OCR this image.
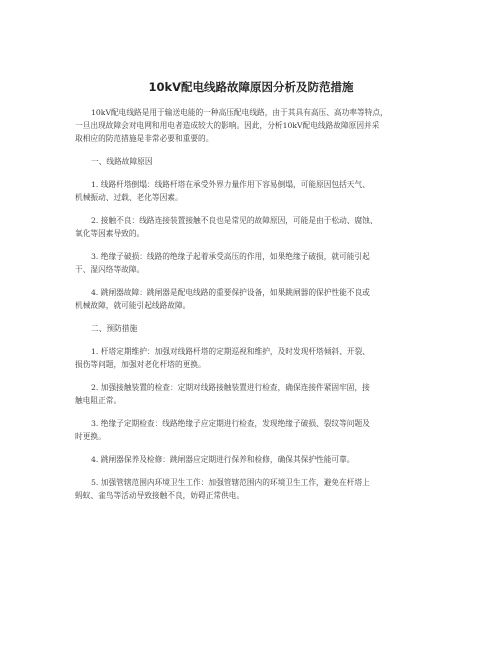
10kV配电线路故障原因分析及防范措施
10kV配电线路是用于输送电能的一种高压配电线路，由于其具有高压、高功率等特点，
一旦出现故障会对电网和用电者造成较大的影响。因此，分析10kV配电线路故障原因并采
取相应的防范措施是非常必要和重要的。
一、线路故障原因
1. 线路杆塔倒塌：线路杆塔在承受外界力量作用下容易倒塌，可能原因包括天气、
机械振动、过载、老化等因素。
2. 接触不良：线路连接装置接触不良也是常见的故障原因，可能是由于松动、腐蚀、
氧化等因素导致的。
3. 绝缘子破损：线路的绝缘子起着承受高压的作用，如果绝缘子破损，就可能引起
干、湿闪络等故障。
4. 跳闸器故障：跳闸器是配电线路的重要保护设备，如果跳闸器的保护性能不良或
机械故障，就可能引起线路故障。
二、预防措施
1. 杆塔定期维护：加强对线路杆塔的定期巡视和维护，及时发现杆塔倾斜、开裂、
损伤等问题，加强对老化杆塔的更换。
2. 加强接触装置的检查：定期对线路接触装置进行检查，确保连接件紧固牢固，接
触电阻正常。
3. 绝缘子定期检查：线路绝缘子应定期进行检查，发现绝缘子破损、裂纹等问题及
时更换。
4. 跳闸器保养及检修：跳闸器应定期进行保养和检修，确保其保护性能可靠。
5. 加强管辖范围内环境卫生工作：加强管辖范围内的环境卫生工作，避免在杆塔上
蚂蚁、雀鸟等活动导致接触不良，妨碍正常供电。
